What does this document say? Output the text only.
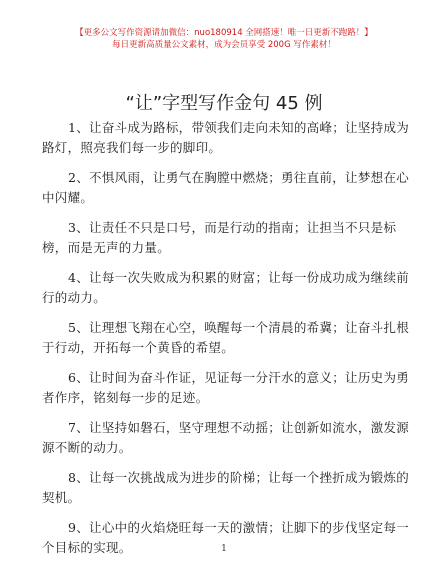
【更多公文写作资源请加微信：nuo180914 全网搭速！唯一日更新不跑路！】
每日更新高质量公文素材，成为会员享受 200G 写作素材！
“让”字型写作金句 45 例

1、让奋斗成为路标，带领我们走向未知的高峰；让坚持成为路灯，照亮我们每一步的脚印。

2、不惧风雨，让勇气在胸膛中燃烧；勇往直前，让梦想在心中闪耀。

3、让责任不只是口号，而是行动的指南；让担当不只是标榜，而是无声的力量。

4、让每一次失败成为积累的财富；让每一份成功成为继续前行的动力。

5、让理想飞翔在心空，唤醒每一个清晨的希冀；让奋斗扎根于行动，开拓每一个黄昏的希望。

6、让时间为奋斗作证，见证每一分汗水的意义；让历史为勇者作序，铭刻每一步的足迹。

7、让坚持如磐石，坚守理想不动摇；让创新如流水，激发源源不断的动力。

8、让每一次挑战成为进步的阶梯；让每一个挫折成为锻炼的契机。

9、让心中的火焰烧旺每一天的激情；让脚下的步伐坚定每一个目标的实现。	1
